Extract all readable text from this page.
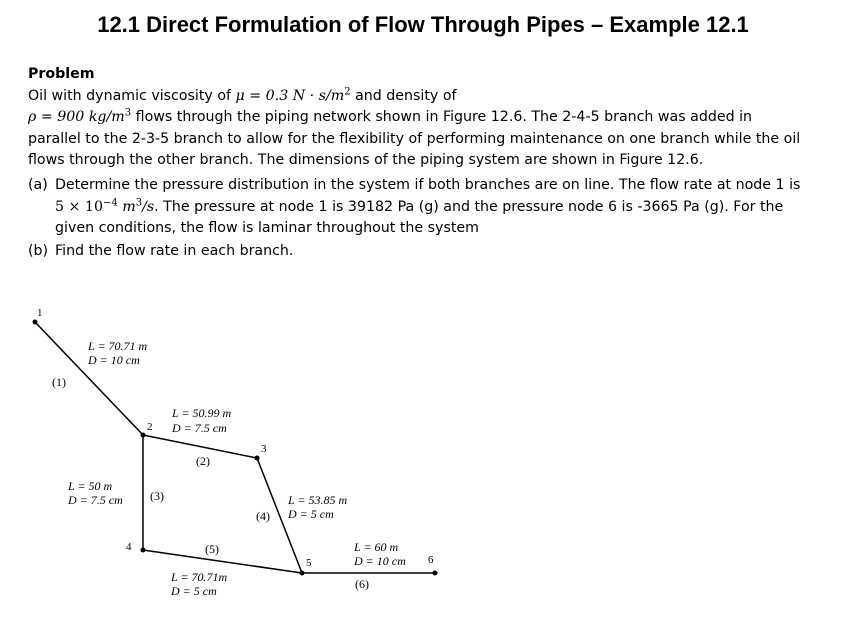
12.1 Direct Formulation of Flow Through Pipes – Example 12.1
Problem
Oil with dynamic viscosity of μ = 0.3 $N \cdot s/m^2$ and density of
ρ = 900 $kg/m^3$ flows through the piping network shown in Figure 12.6. The 2-4-5 branch was added in
parallel to the 2-3-5 branch to allow for the flexibility of performing maintenance on one branch while the oil
flows through the other branch. The dimensions of the piping system are shown in Figure 12.6.
(a) Determine the pressure distribution in the system if both branches are on line. The flow rate at node 1 is
$5 \times 10^{-4}$ $m^3/s$. The pressure at node 1 is 39182 Pa (g) and the pressure node 6 is -3665 Pa (g). For the
given conditions, the flow is laminar throughout the system
(b) Find the flow rate in each branch.
1
2
3
4
5	6
(1)
(2)
(3)
(4)
(5)
(6)
L = 70.71 m
D = 10 cm
L = 50.99 m
D = 7.5 cm
L = 50 m
D = 7.5 cm	L = 53.85 m
D = 5 cm
L = 70.71m
D = 5 cm
L = 60 m
D = 10 cm
